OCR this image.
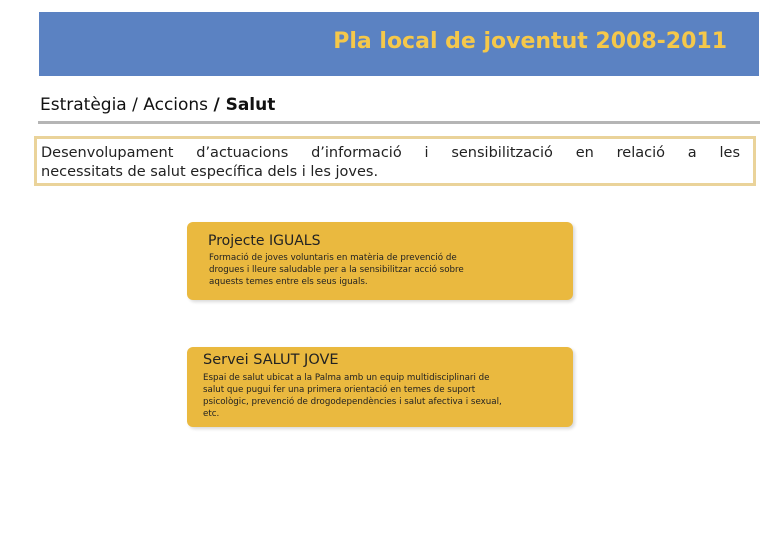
Pla local de joventut 2008-2011
Estratègia / Accions / Salut
Desenvolupament d’actuacions d’informació i sensibilització en relació a les
necessitats de salut específica dels i les joves.
Projecte IGUALS
Formació de joves voluntaris en matèria de prevenció de
drogues i lleure saludable per a la sensibilitzar acció sobre
aquests temes entre els seus iguals.
Servei SALUT JOVE
Espai de salut ubicat a la Palma amb un equip multidisciplinari de
salut que pugui fer una primera orientació en temes de suport
psicològic, prevenció de drogodependències i salut afectiva i sexual,
etc.
